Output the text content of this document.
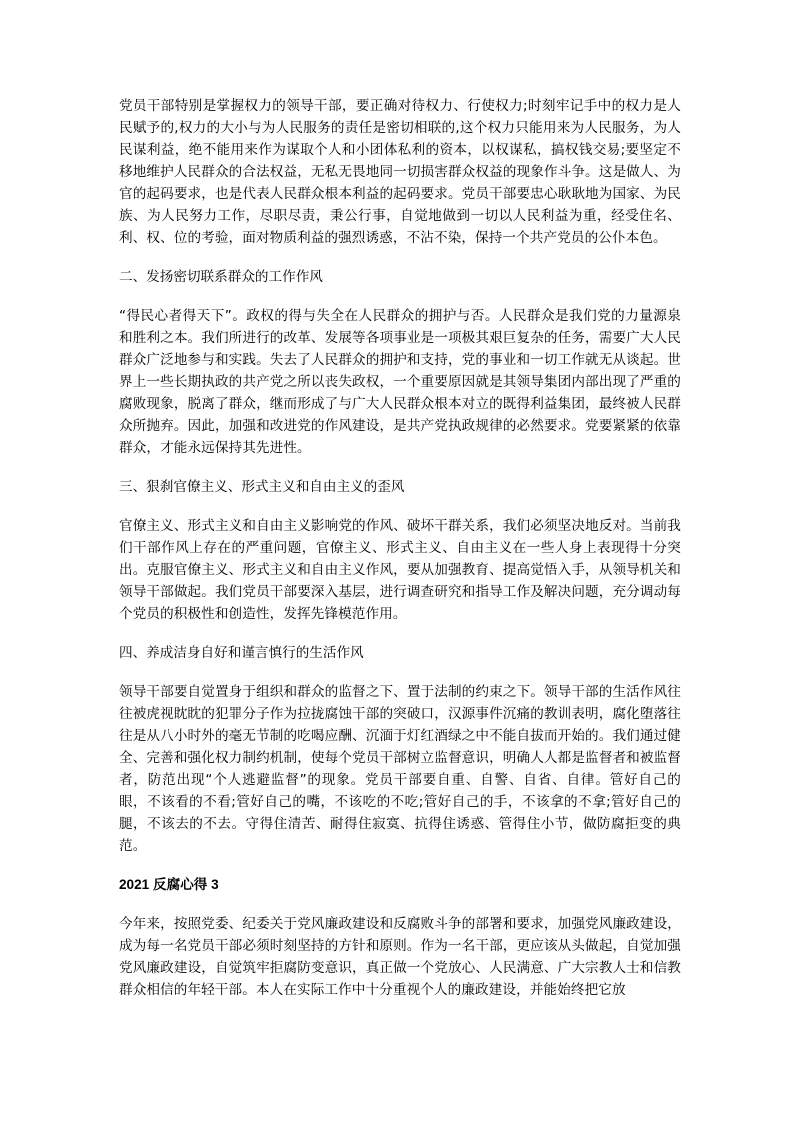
党员干部特别是掌握权力的领导干部，要正确对待权力、行使权力;时刻牢记手中的权力是人民赋予的,权力的大小与为人民服务的责任是密切相联的,这个权力只能用来为人民服务，为人民谋利益，绝不能用来作为谋取个人和小团体私利的资本，以权谋私，搞权钱交易;要坚定不移地维护人民群众的合法权益，无私无畏地同一切损害群众权益的现象作斗争。这是做人、为官的起码要求，也是代表人民群众根本利益的起码要求。党员干部要忠心耿耿地为国家、为民族、为人民努力工作，尽职尽责，秉公行事，自觉地做到一切以人民利益为重，经受住名、利、权、位的考验，面对物质利益的强烈诱惑，不沾不染，保持一个共产党员的公仆本色。

二、发扬密切联系群众的工作作风

“得民心者得天下”。政权的得与失全在人民群众的拥护与否。人民群众是我们党的力量源泉和胜利之本。我们所进行的改革、发展等各项事业是一项极其艰巨复杂的任务，需要广大人民群众广泛地参与和实践。失去了人民群众的拥护和支持，党的事业和一切工作就无从谈起。世界上一些长期执政的共产党之所以丧失政权，一个重要原因就是其领导集团内部出现了严重的腐败现象，脱离了群众，继而形成了与广大人民群众根本对立的既得利益集团，最终被人民群众所抛弃。因此，加强和改进党的作风建设，是共产党执政规律的必然要求。党要紧紧的依靠群众，才能永远保持其先进性。

三、狠刹官僚主义、形式主义和自由主义的歪风

官僚主义、形式主义和自由主义影响党的作风、破坏干群关系，我们必须坚决地反对。当前我们干部作风上存在的严重问题，官僚主义、形式主义、自由主义在一些人身上表现得十分突出。克服官僚主义、形式主义和自由主义作风，要从加强教育、提高觉悟入手，从领导机关和领导干部做起。我们党员干部要深入基层，进行调查研究和指导工作及解决问题，充分调动每个党员的积极性和创造性，发挥先锋模范作用。

四、养成洁身自好和谨言慎行的生活作风

领导干部要自觉置身于组织和群众的监督之下、置于法制的约束之下。领导干部的生活作风往往被虎视眈眈的犯罪分子作为拉拢腐蚀干部的突破口，汉源事件沉痛的教训表明，腐化堕落往往是从八小时外的毫无节制的吃喝应酬、沉湎于灯红酒绿之中不能自拔而开始的。我们通过健全、完善和强化权力制约机制，使每个党员干部树立监督意识，明确人人都是监督者和被监督者，防范出现“个人逃避监督”的现象。党员干部要自重、自警、自省、自律。管好自己的眼，不该看的不看;管好自己的嘴，不该吃的不吃;管好自己的手，不该拿的不拿;管好自己的腿，不该去的不去。守得住清苦、耐得住寂寞、抗得住诱惑、管得住小节，做防腐拒变的典范。

2021 反腐心得 3

今年来，按照党委、纪委关于党风廉政建设和反腐败斗争的部署和要求，加强党风廉政建设，成为每一名党员干部必须时刻坚持的方针和原则。作为一名干部，更应该从头做起，自觉加强党风廉政建设，自觉筑牢拒腐防变意识，真正做一个党放心、人民满意、广大宗教人士和信教群众相信的年轻干部。本人在实际工作中十分重视个人的廉政建设，并能始终把它放
